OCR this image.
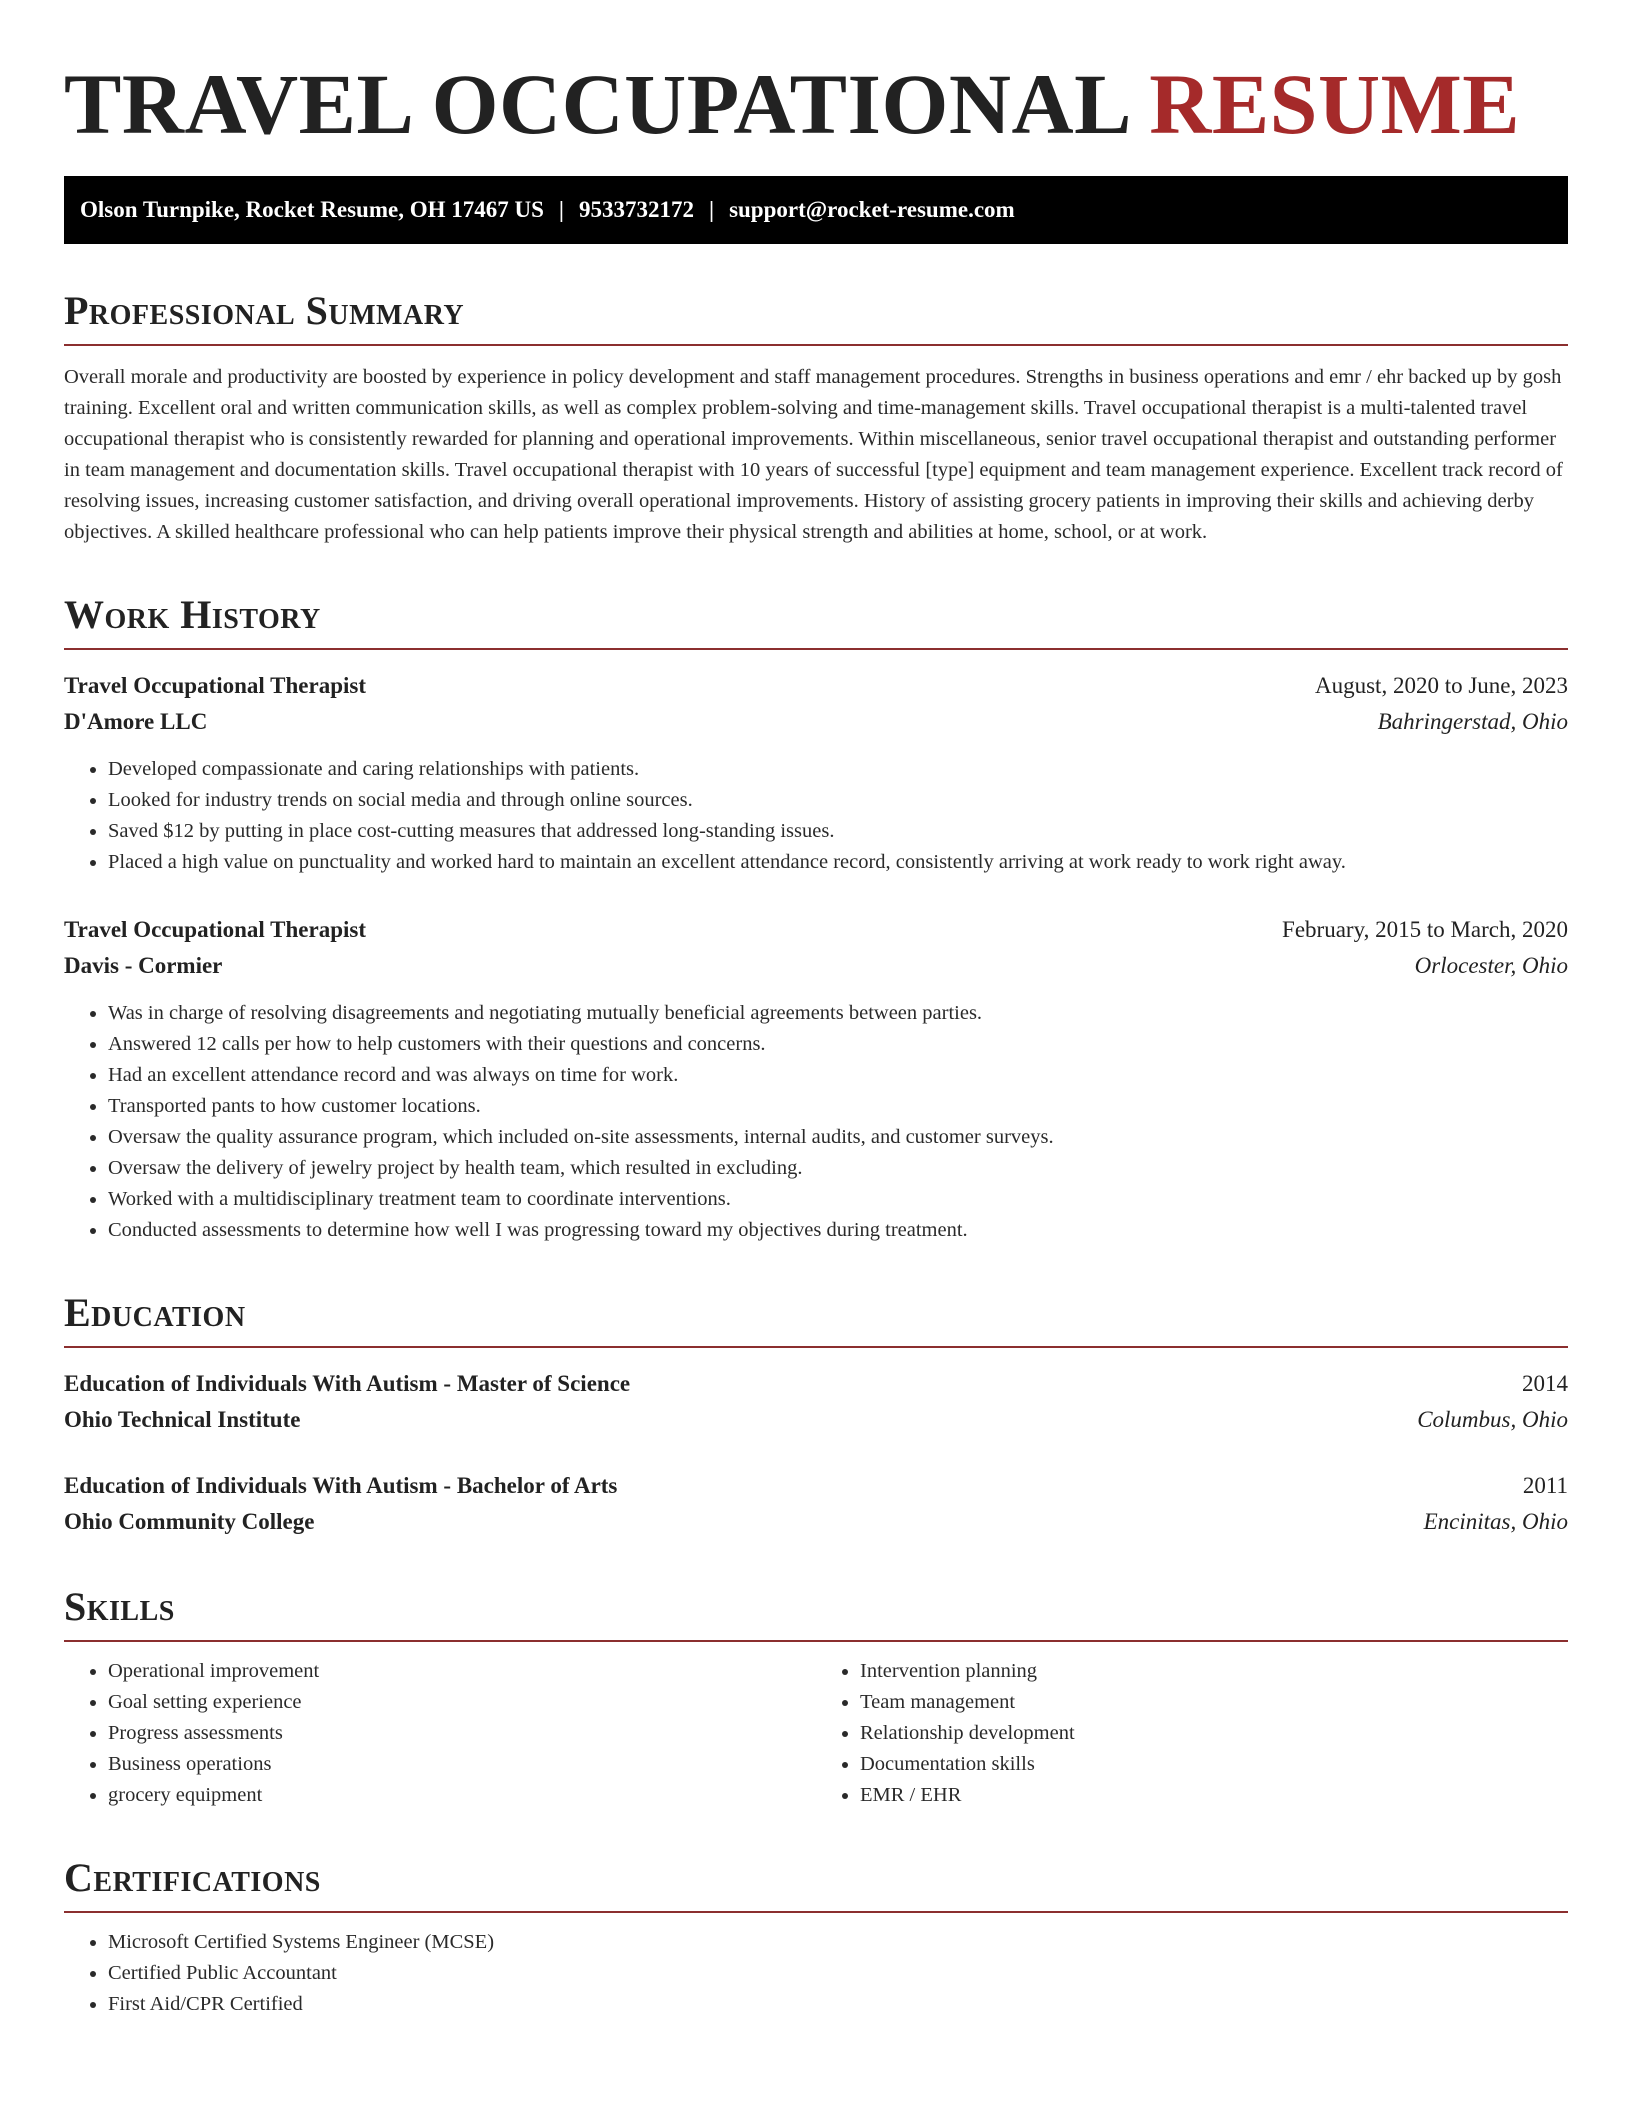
TRAVEL OCCUPATIONAL RESUME
Olson Turnpike, Rocket Resume, OH 17467 US | 9533732172 | support@rocket-resume.com
Professional Summary

Overall morale and productivity are boosted by experience in policy development and staff management procedures. Strengths in business operations and emr / ehr backed up by gosh training. Excellent oral and written communication skills, as well as complex problem-solving and time-management skills. Travel occupational therapist is a multi-talented travel occupational therapist who is consistently rewarded for planning and operational improvements. Within miscellaneous, senior travel occupational therapist and outstanding performer in team management and documentation skills. Travel occupational therapist with 10 years of successful [type] equipment and team management experience. Excellent track record of resolving issues, increasing customer satisfaction, and driving overall operational improvements. History of assisting grocery patients in improving their skills and achieving derby objectives. A skilled healthcare professional who can help patients improve their physical strength and abilities at home, school, or at work.

Work History
Travel Occupational Therapist	August, 2020 to June, 2023
D'Amore LLC	Bahringerstad, Ohio
• Developed compassionate and caring relationships with patients.
• Looked for industry trends on social media and through online sources.
• Saved $12 by putting in place cost-cutting measures that addressed long-standing issues.
• Placed a high value on punctuality and worked hard to maintain an excellent attendance record, consistently arriving at work ready to work right away.
Travel Occupational Therapist	February, 2015 to March, 2020
Davis - Cormier	Orlocester, Ohio
• Was in charge of resolving disagreements and negotiating mutually beneficial agreements between parties.
• Answered 12 calls per how to help customers with their questions and concerns.
• Had an excellent attendance record and was always on time for work.
• Transported pants to how customer locations.
• Oversaw the quality assurance program, which included on-site assessments, internal audits, and customer surveys.
• Oversaw the delivery of jewelry project by health team, which resulted in excluding.
• Worked with a multidisciplinary treatment team to coordinate interventions.
• Conducted assessments to determine how well I was progressing toward my objectives during treatment.
Education
Education of Individuals With Autism - Master of Science	2014
Ohio Technical Institute	Columbus, Ohio
Education of Individuals With Autism - Bachelor of Arts	2011
Ohio Community College	Encinitas, Ohio
Skills
• Operational improvement
• Goal setting experience
• Progress assessments
• Business operations
• grocery equipment
• Intervention planning
• Team management
• Relationship development
• Documentation skills
• EMR / EHR
Certifications
• Microsoft Certified Systems Engineer (MCSE)
• Certified Public Accountant
• First Aid/CPR Certified
